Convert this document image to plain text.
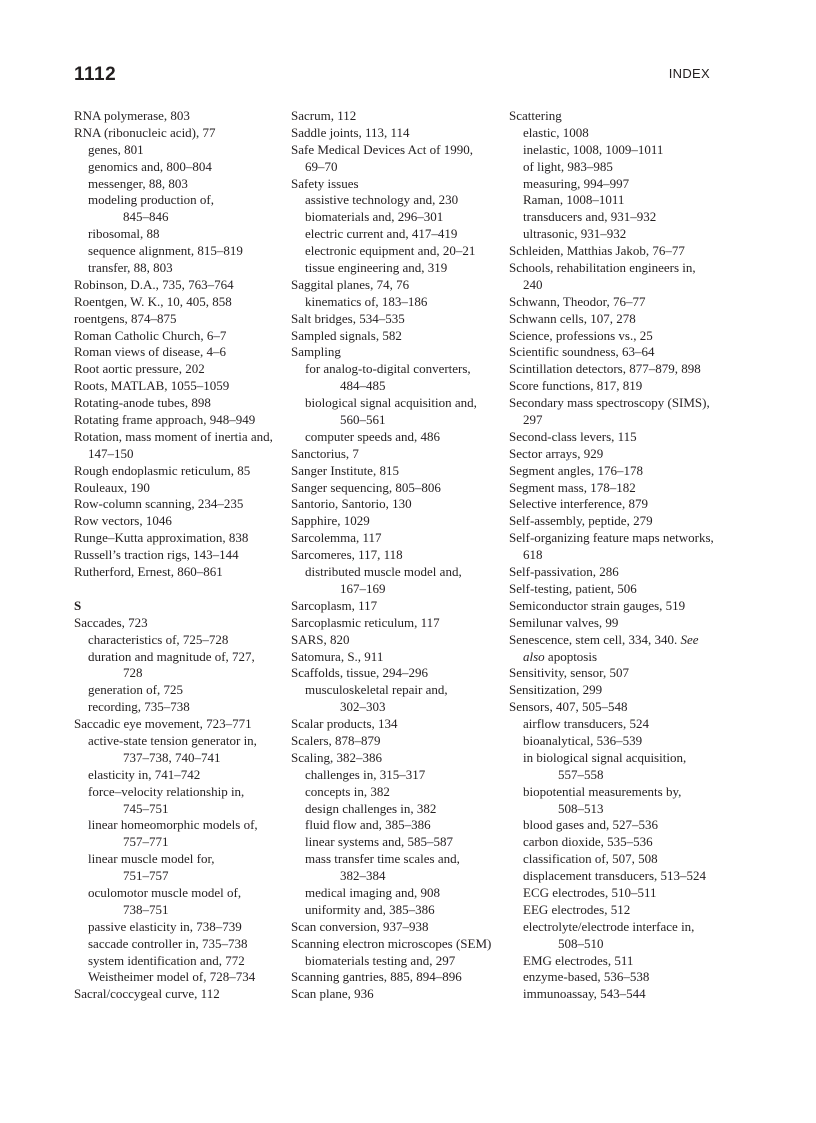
1112	INDEX
RNA polymerase, 803
RNA (ribonucleic acid), 77
genes, 801
genomics and, 800–804
messenger, 88, 803
modeling production of,
845–846
ribosomal, 88
sequence alignment, 815–819
transfer, 88, 803
Robinson, D.A., 735, 763–764
Roentgen, W. K., 10, 405, 858
roentgens, 874–875
Roman Catholic Church, 6–7
Roman views of disease, 4–6
Root aortic pressure, 202
Roots, MATLAB, 1055–1059
Rotating-anode tubes, 898
Rotating frame approach, 948–949
Rotation, mass moment of inertia and,
147–150
Rough endoplasmic reticulum, 85
Rouleaux, 190
Row-column scanning, 234–235
Row vectors, 1046
Runge–Kutta approximation, 838
Russell’s traction rigs, 143–144
Rutherford, Ernest, 860–861
S
Saccades, 723
characteristics of, 725–728
duration and magnitude of, 727,
728
generation of, 725
recording, 735–738
Saccadic eye movement, 723–771
active-state tension generator in,
737–738, 740–741
elasticity in, 741–742
force–velocity relationship in,
745–751
linear homeomorphic models of,
757–771
linear muscle model for,
751–757
oculomotor muscle model of,
738–751
passive elasticity in, 738–739
saccade controller in, 735–738
system identification and, 772
Weistheimer model of, 728–734
Sacral/coccygeal curve, 112
Sacrum, 112
Saddle joints, 113, 114
Safe Medical Devices Act of 1990,
69–70
Safety issues
assistive technology and, 230
biomaterials and, 296–301
electric current and, 417–419
electronic equipment and, 20–21
tissue engineering and, 319
Saggital planes, 74, 76
kinematics of, 183–186
Salt bridges, 534–535
Sampled signals, 582
Sampling
for analog-to-digital converters,
484–485
biological signal acquisition and,
560–561
computer speeds and, 486
Sanctorius, 7
Sanger Institute, 815
Sanger sequencing, 805–806
Santorio, Santorio, 130
Sapphire, 1029
Sarcolemma, 117
Sarcomeres, 117, 118
distributed muscle model and,
167–169
Sarcoplasm, 117
Sarcoplasmic reticulum, 117
SARS, 820
Satomura, S., 911
Scaffolds, tissue, 294–296
musculoskeletal repair and,
302–303
Scalar products, 134
Scalers, 878–879
Scaling, 382–386
challenges in, 315–317
concepts in, 382
design challenges in, 382
fluid flow and, 385–386
linear systems and, 585–587
mass transfer time scales and,
382–384
medical imaging and, 908
uniformity and, 385–386
Scan conversion, 937–938
Scanning electron microscopes (SEM)
biomaterials testing and, 297
Scanning gantries, 885, 894–896
Scan plane, 936
Scattering
elastic, 1008
inelastic, 1008, 1009–1011
of light, 983–985
measuring, 994–997
Raman, 1008–1011
transducers and, 931–932
ultrasonic, 931–932
Schleiden, Matthias Jakob, 76–77
Schools, rehabilitation engineers in,
240
Schwann, Theodor, 76–77
Schwann cells, 107, 278
Science, professions vs., 25
Scientific soundness, 63–64
Scintillation detectors, 877–879, 898
Score functions, 817, 819
Secondary mass spectroscopy (SIMS),
297
Second-class levers, 115
Sector arrays, 929
Segment angles, 176–178
Segment mass, 178–182
Selective interference, 879
Self-assembly, peptide, 279
Self-organizing feature maps networks,
618
Self-passivation, 286
Self-testing, patient, 506
Semiconductor strain gauges, 519
Semilunar valves, 99
Senescence, stem cell, 334, 340. See
also apoptosis
Sensitivity, sensor, 507
Sensitization, 299
Sensors, 407, 505–548
airflow transducers, 524
bioanalytical, 536–539
in biological signal acquisition,
557–558
biopotential measurements by,
508–513
blood gases and, 527–536
carbon dioxide, 535–536
classification of, 507, 508
displacement transducers, 513–524
ECG electrodes, 510–511
EEG electrodes, 512
electrolyte/electrode interface in,
508–510
EMG electrodes, 511
enzyme-based, 536–538
immunoassay, 543–544
